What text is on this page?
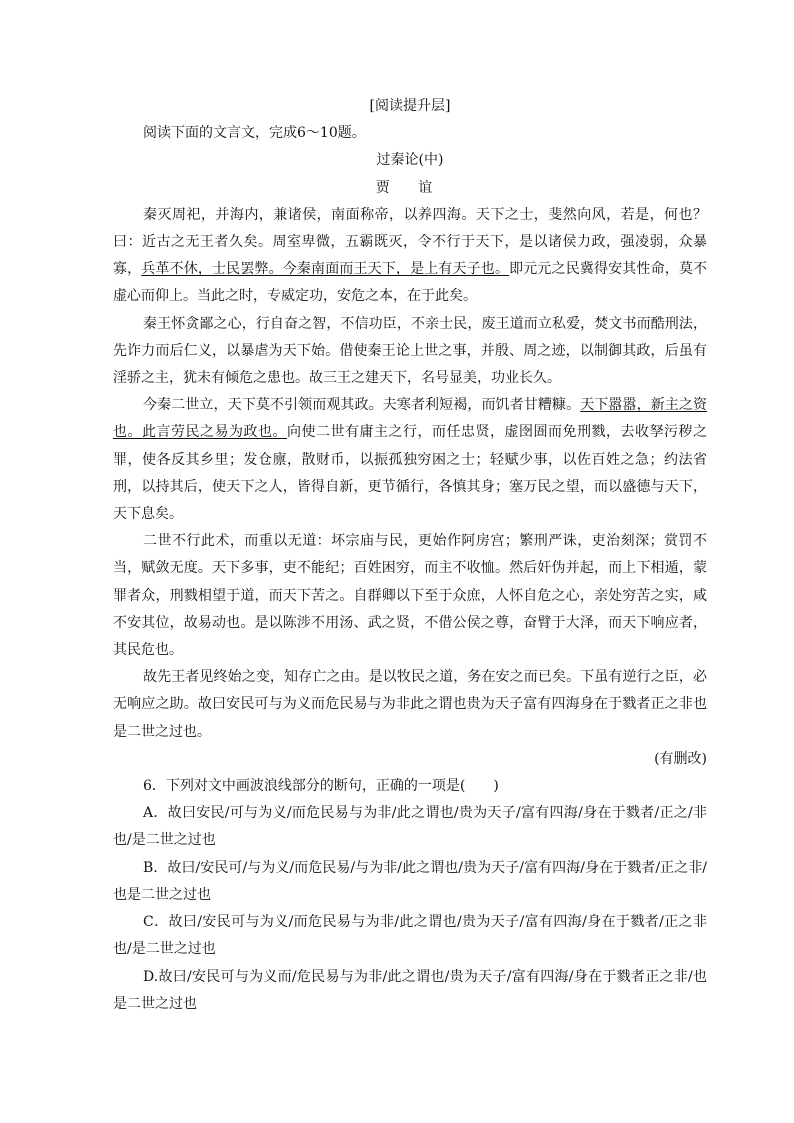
[阅读提升层]

阅读下面的文言文，完成6～10题。

过秦论(中)

贾 谊

秦灭周祀，并海内，兼诸侯，南面称帝，以养四海。天下之士，斐然向风，若是，何也？曰：近古之无王者久矣。周室卑微，五霸既灭，令不行于天下，是以诸侯力政，强凌弱，众暴寡，兵革不休，士民罢弊。今秦南面而王天下，是上有天子也。即元元之民冀得安其性命，莫不虚心而仰上。当此之时，专威定功，安危之本，在于此矣。

秦王怀贪鄙之心，行自奋之智，不信功臣，不亲士民，废王道而立私爱，焚文书而酷刑法，先诈力而后仁义，以暴虐为天下始。借使秦王论上世之事，并殷、周之迹，以制御其政，后虽有淫骄之主，犹未有倾危之患也。故三王之建天下，名号显美，功业长久。

今秦二世立，天下莫不引领而观其政。夫寒者利短褐，而饥者甘糟糠。天下嚣嚣，新主之资也。此言劳民之易为政也。向使二世有庸主之行，而任忠贤，虚囹圄而免刑戮，去收孥污秽之罪，使各反其乡里；发仓廪，散财币，以振孤独穷困之士；轻赋少事，以佐百姓之急；约法省刑，以持其后，使天下之人，皆得自新，更节循行，各慎其身；塞万民之望，而以盛德与天下，天下息矣。

二世不行此术，而重以无道：坏宗庙与民，更始作阿房宫；繁刑严诛，吏治刻深；赏罚不当，赋敛无度。天下多事，吏不能纪；百姓困穷，而主不收恤。然后奸伪并起，而上下相遁，蒙罪者众，刑戮相望于道，而天下苦之。自群卿以下至于众庶，人怀自危之心，亲处穷苦之实，咸不安其位，故易动也。是以陈涉不用汤、武之贤，不借公侯之尊，奋臂于大泽，而天下响应者，其民危也。

故先王者见终始之变，知存亡之由。是以牧民之道，务在安之而已矣。下虽有逆行之臣，必无响应之助。故曰安民可与为义而危民易与为非此之谓也贵为天子富有四海身在于戮者正之非也是二世之过也。

(有删改)

6．下列对文中画波浪线部分的断句，正确的一项是(　　)

A．故曰安民/可与为义/而危民易与为非/此之谓也/贵为天子/富有四海/身在于戮者/正之/非也/是二世之过也

B．故曰/安民可/与为义/而危民易/与为非/此之谓也/贵为天子/富有四海/身在于戮者/正之非/也是二世之过也

C．故曰/安民可与为义/而危民易与为非/此之谓也/贵为天子/富有四海/身在于戮者/正之非也/是二世之过也

D.故曰/安民可与为义而/危民易与为非/此之谓也/贵为天子/富有四海/身在于戮者正之非/也是二世之过也
